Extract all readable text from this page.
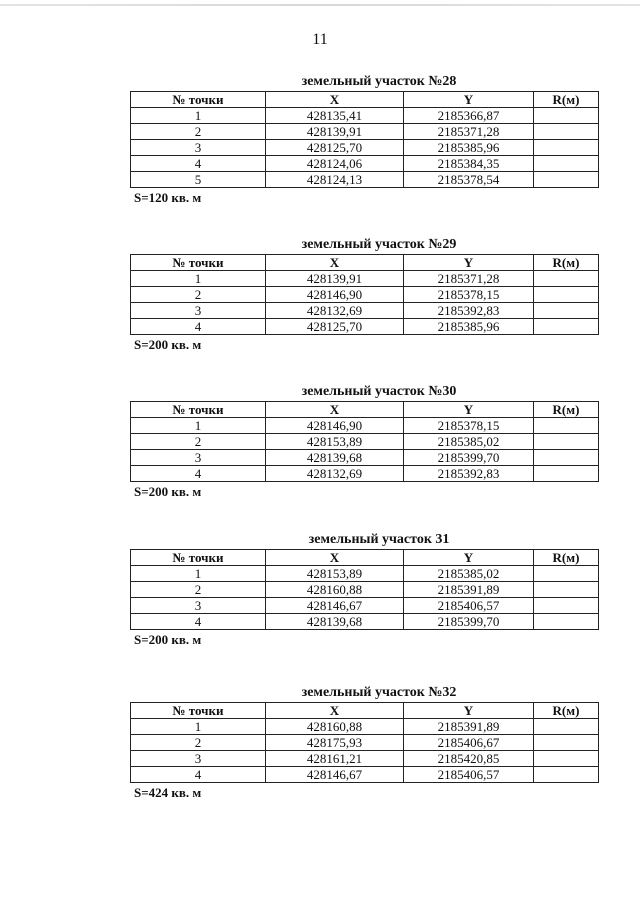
11
земельный участок №28
№ точки	X	Y	R(м)
1	428135,41	2185366,87	
2	428139,91	2185371,28	
3	428125,70	2185385,96	
4	428124,06	2185384,35	
5	428124,13	2185378,54	
S=120 кв. м
земельный участок №29
№ точки	X	Y	R(м)
1	428139,91	2185371,28	
2	428146,90	2185378,15	
3	428132,69	2185392,83	
4	428125,70	2185385,96	
S=200 кв. м
земельный участок №30
№ точки	X	Y	R(м)
1	428146,90	2185378,15	
2	428153,89	2185385,02	
3	428139,68	2185399,70	
4	428132,69	2185392,83	
S=200 кв. м
земельный участок 31
№ точки	X	Y	R(м)
1	428153,89	2185385,02	
2	428160,88	2185391,89	
3	428146,67	2185406,57	
4	428139,68	2185399,70	
S=200 кв. м
земельный участок №32
№ точки	X	Y	R(м)
1	428160,88	2185391,89	
2	428175,93	2185406,67	
3	428161,21	2185420,85	
4	428146,67	2185406,57	
S=424 кв. м
